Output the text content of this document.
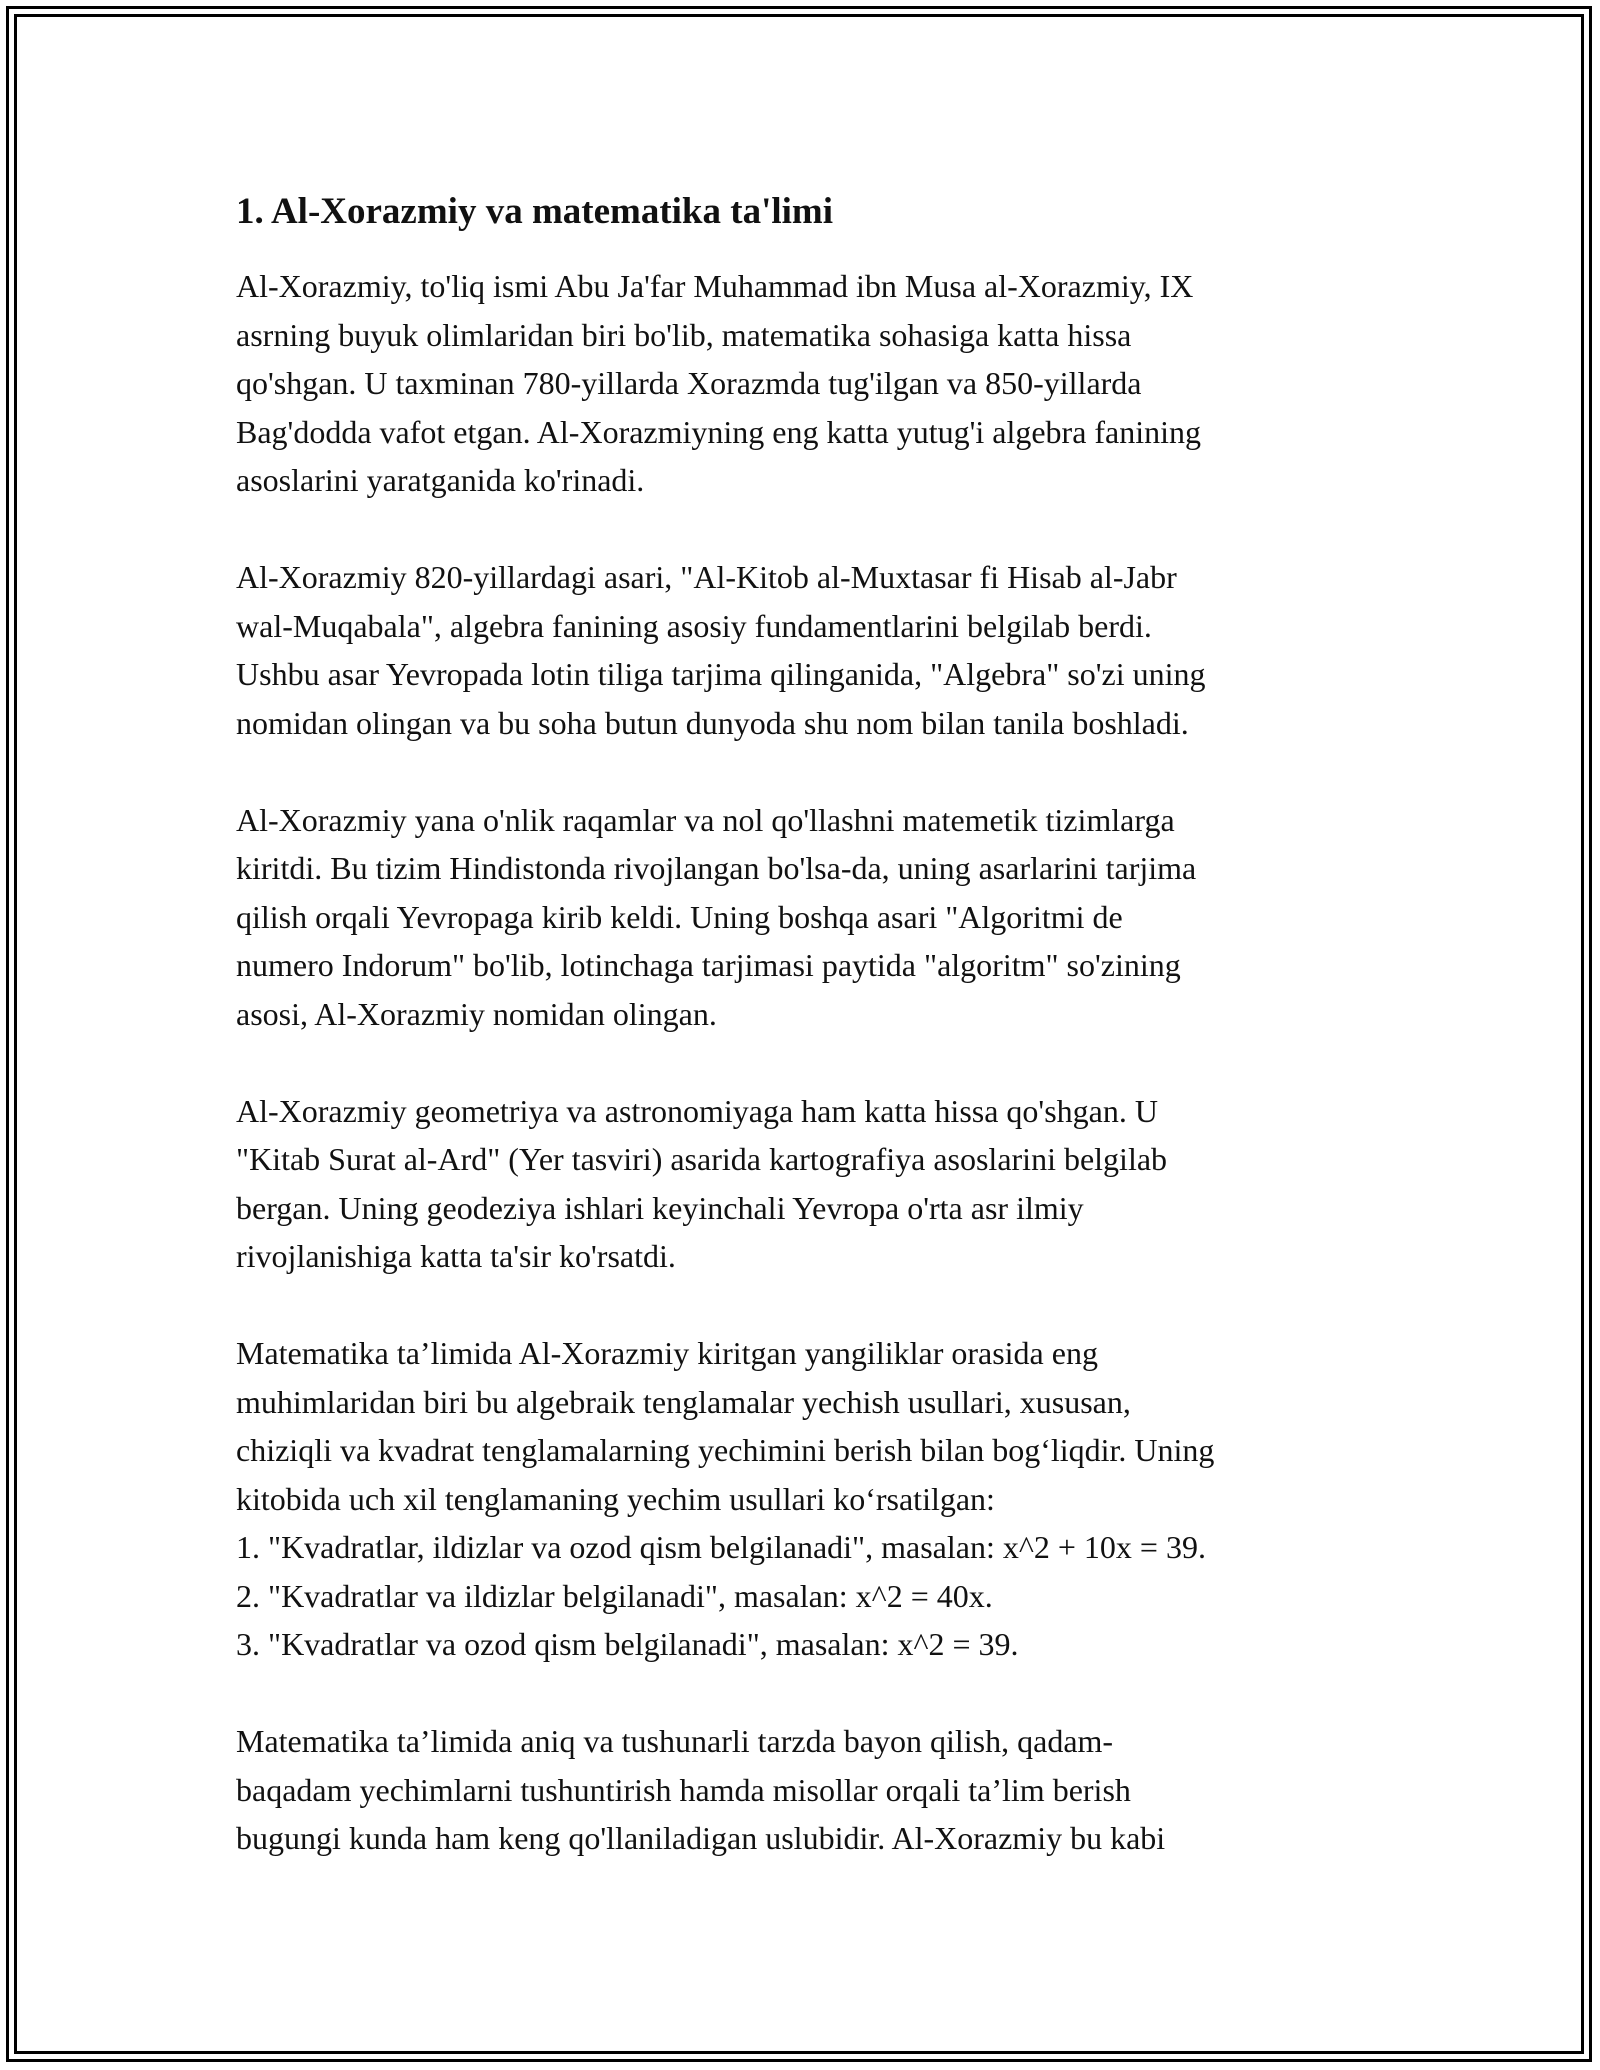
1. Al-Xorazmiy va matematika ta'limi
Al-Xorazmiy, to'liq ismi Abu Ja'far Muhammad ibn Musa al-Xorazmiy, IX
asrning buyuk olimlaridan biri bo'lib, matematika sohasiga katta hissa
qo'shgan. U taxminan 780-yillarda Xorazmda tug'ilgan va 850-yillarda
Bag'dodda vafot etgan. Al-Xorazmiyning eng katta yutug'i algebra fanining
asoslarini yaratganida ko'rinadi.
Al-Xorazmiy 820-yillardagi asari, "Al-Kitob al-Muxtasar fi Hisab al-Jabr
wal-Muqabala", algebra fanining asosiy fundamentlarini belgilab berdi.
Ushbu asar Yevropada lotin tiliga tarjima qilinganida, "Algebra" so'zi uning
nomidan olingan va bu soha butun dunyoda shu nom bilan tanila boshladi.
Al-Xorazmiy yana o'nlik raqamlar va nol qo'llashni matemetik tizimlarga
kiritdi. Bu tizim Hindistonda rivojlangan bo'lsa-da, uning asarlarini tarjima
qilish orqali Yevropaga kirib keldi. Uning boshqa asari "Algoritmi de
numero Indorum" bo'lib, lotinchaga tarjimasi paytida "algoritm" so'zining
asosi, Al-Xorazmiy nomidan olingan.
Al-Xorazmiy geometriya va astronomiyaga ham katta hissa qo'shgan. U
"Kitab Surat al-Ard" (Yer tasviri) asarida kartografiya asoslarini belgilab
bergan. Uning geodeziya ishlari keyinchali Yevropa o'rta asr ilmiy
rivojlanishiga katta ta'sir ko'rsatdi.
Matematika ta’limida Al-Xorazmiy kiritgan yangiliklar orasida eng
muhimlaridan biri bu algebraik tenglamalar yechish usullari, xususan,
chiziqli va kvadrat tenglamalarning yechimini berish bilan bog‘liqdir. Uning
kitobida uch xil tenglamaning yechim usullari ko‘rsatilgan:
1. "Kvadratlar, ildizlar va ozod qism belgilanadi", masalan: x^2 + 10x = 39.
2. "Kvadratlar va ildizlar belgilanadi", masalan: x^2 = 40x.
3. "Kvadratlar va ozod qism belgilanadi", masalan: x^2 = 39.
Matematika ta’limida aniq va tushunarli tarzda bayon qilish, qadam-
baqadam yechimlarni tushuntirish hamda misollar orqali ta’lim berish
bugungi kunda ham keng qo'llaniladigan uslubidir. Al-Xorazmiy bu kabi
